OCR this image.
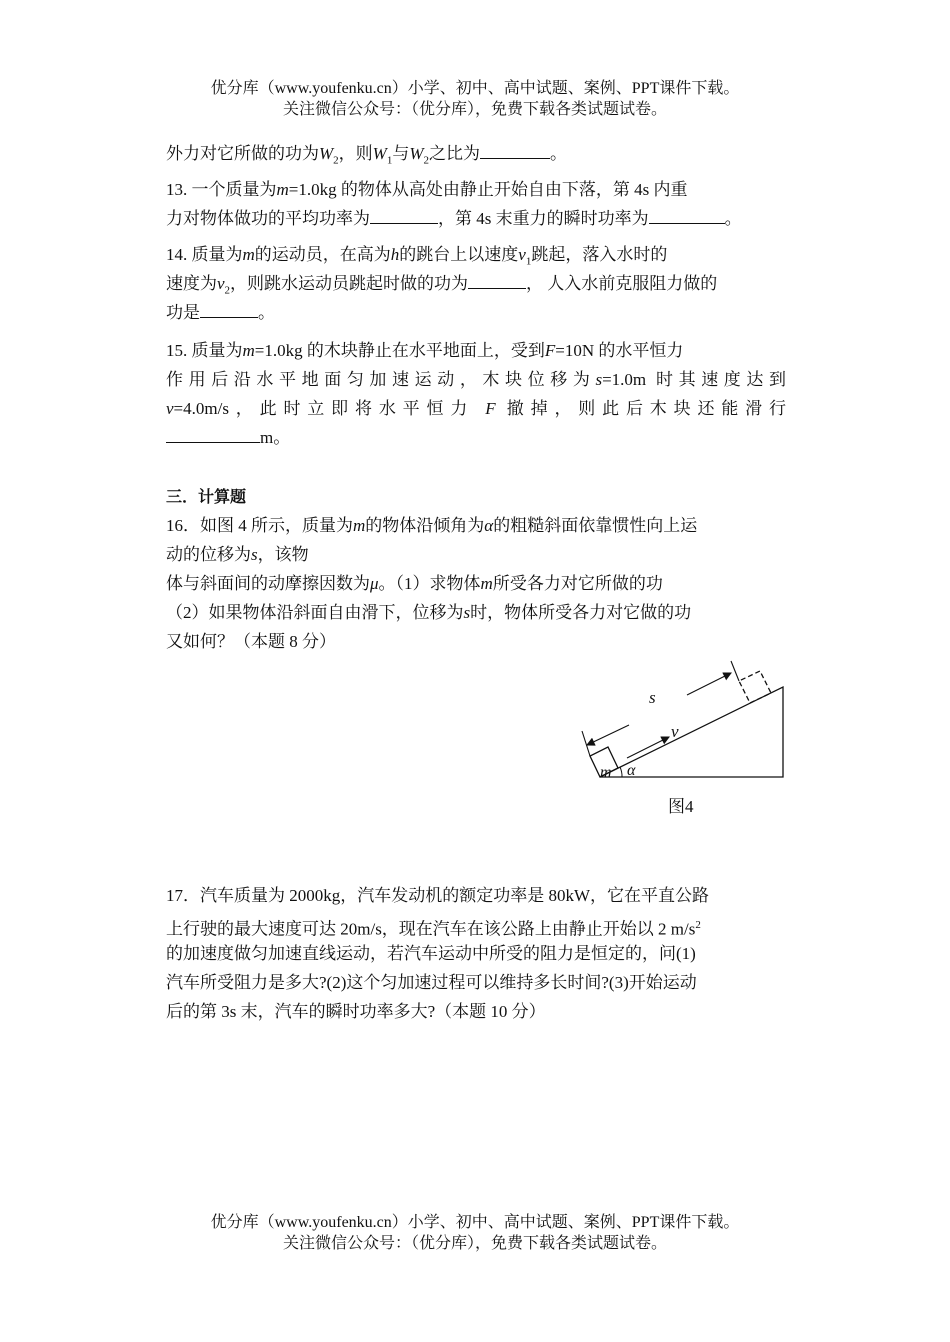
优分库（www.youfenku.cn）小学、初中、高中试题、案例、PPT课件下载。
关注微信公众号：（优分库），免费下载各类试题试卷。
外力对它所做的功为$W_2$，则$W_1$与$W_2$之比为	。
13. 一个质量为m=1.0kg 的物体从高处由静止开始自由下落，第 4s 内重
力对物体做功的平均功率为	，第 4s 末重力的瞬时功率为	。
14. 质量为m的运动员，在高为h的跳台上以速度$v_1$跳起，落入水时的
速度为$v_2$，则跳水运动员跳起时做的功为	， 人入水前克服阻力做的
功是	。
15. 质量为m=1.0kg 的木块静止在水平地面上，受到F=10N 的水平恒力
作用后沿水平地面匀加速运动，木块位移为s=1.0m 时其速度达到
v=4.0m/s，此时立即将水平恒力 F 撤掉，则此后木块还能滑行
m。
三．计算题
16．如图 4 所示，质量为m的物体沿倾角为α的粗糙斜面依靠惯性向上运
动的位移为s，该物
体与斜面间的动摩擦因数为μ。（1）求物体m所受各力对它所做的功
（2）如果物体沿斜面自由滑下，位移为s时，物体所受各力对它做的功
又如何？（本题 8 分）
s
v
m α
图4
17．汽车质量为 2000kg，汽车发动机的额定功率是 80kW，它在平直公路
上行驶的最大速度可达 20m/s，现在汽车在该公路上由静止开始以 2 $m/s^2$
的加速度做匀加速直线运动，若汽车运动中所受的阻力是恒定的，问(1)
汽车所受阻力是多大?(2)这个匀加速过程可以维持多长时间?(3)开始运动
后的第 3s 末，汽车的瞬时功率多大?（本题 10 分）
优分库（www.youfenku.cn）小学、初中、高中试题、案例、PPT课件下载。
关注微信公众号：（优分库），免费下载各类试题试卷。
